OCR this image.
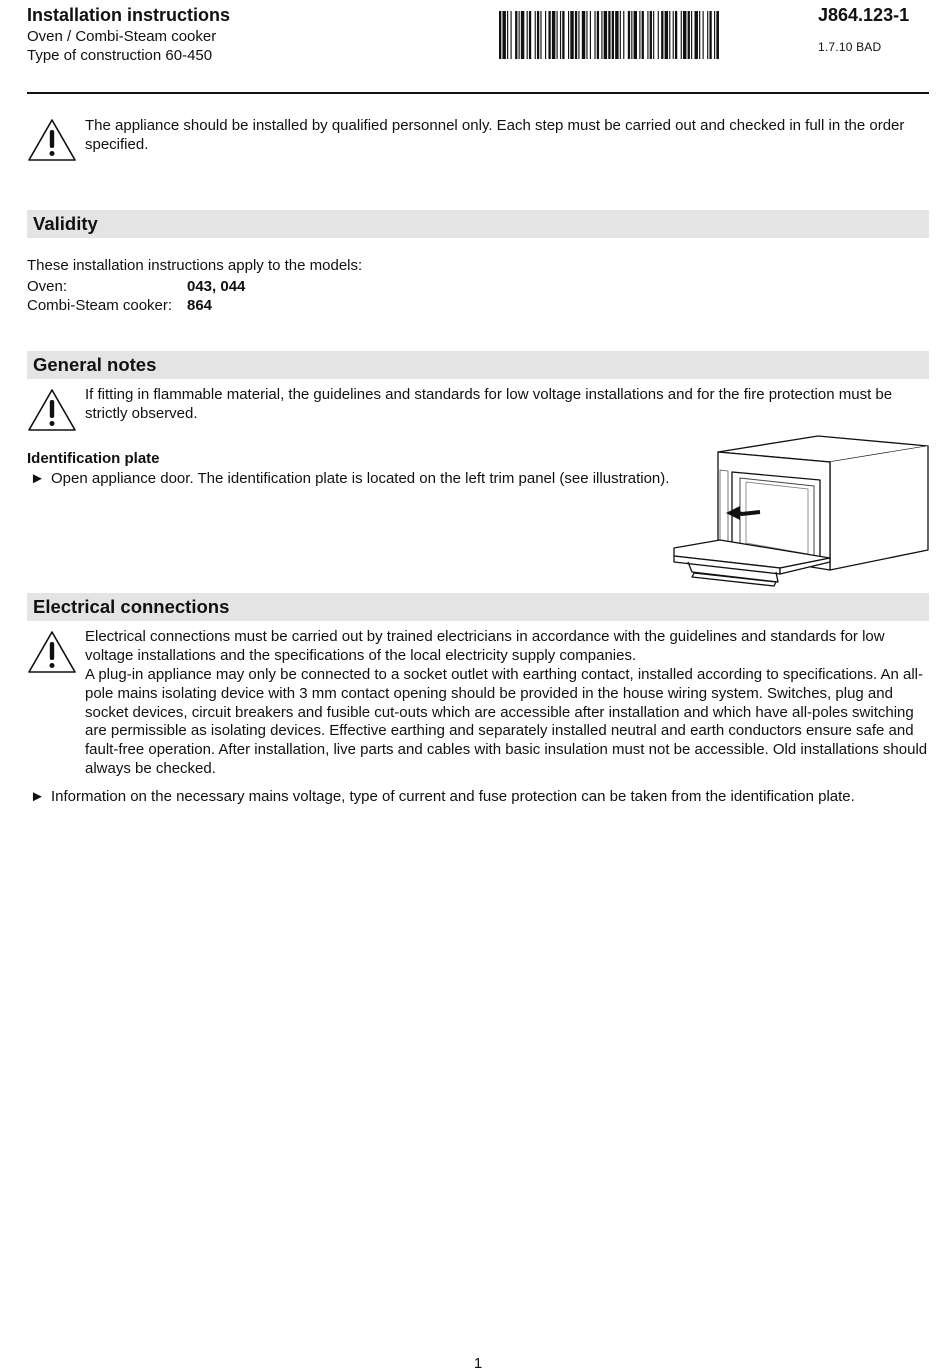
Installation instructions
Oven / Combi-Steam cooker
Type of construction 60-450
J864.123-1
1.7.10 BAD
The appliance should be installed by qualified personnel only. Each step must be carried out and checked in full in the order specified.
Validity
These installation instructions apply to the models:
Oven:	043, 044
Combi-Steam cooker: 864
General notes
If fitting in flammable material, the guidelines and standards for low voltage installations and for the fire protection must be strictly observed.
Identification plate
► Open appliance door. The identification plate is located on the left trim panel (see illustration).
Electrical connections
Electrical connections must be carried out by trained electricians in accordance with the guidelines and standards for low voltage installations and the specifications of the local electricity supply companies.
A plug-in appliance may only be connected to a socket outlet with earthing contact, installed according to specifications. An all-pole mains isolating device with 3 mm contact opening should be provided in the house wiring system. Switches, plug and socket devices, circuit breakers and fusible cut-outs which are accessible after installation and which have all-poles switching are permissible as isolating devices. Effective earthing and separately installed neutral and earth conductors ensure safe and fault-free operation. After installation, live parts and cables with basic insulation must not be accessible. Old installations should always be checked.
► Information on the necessary mains voltage, type of current and fuse protection can be taken from the identification plate.
1
